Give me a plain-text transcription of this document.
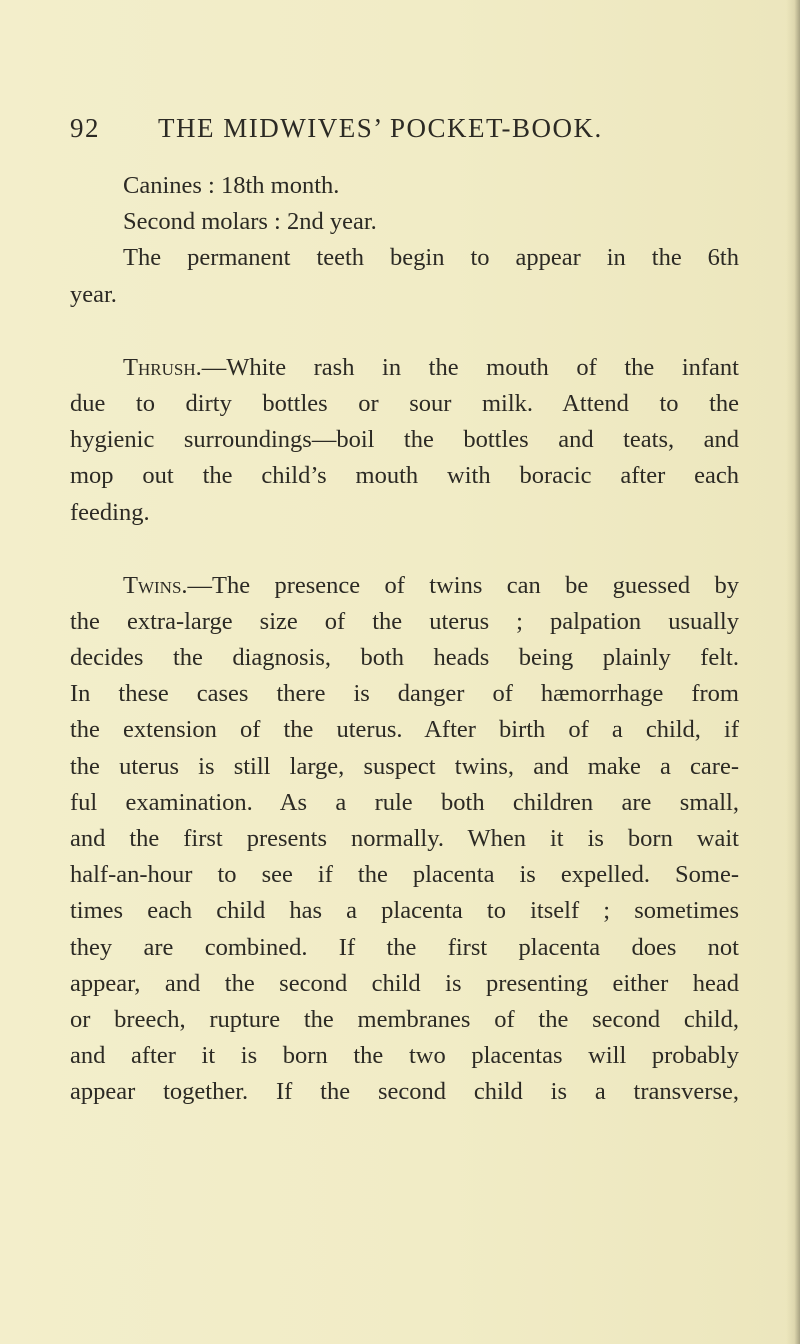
92 THE MIDWIVES’ POCKET-BOOK.
Canines : 18th month.
Second molars : 2nd year.
The permanent teeth begin to appear in the 6th
year.
Thrush.—White rash in the mouth of the infant
due to dirty bottles or sour milk. Attend to the
hygienic surroundings—boil the bottles and teats, and
mop out the child’s mouth with boracic after each
feeding.
Twins.—The presence of twins can be guessed by
the extra-large size of the uterus ; palpation usually
decides the diagnosis, both heads being plainly felt.
In these cases there is danger of hæmorrhage from
the extension of the uterus. After birth of a child, if
the uterus is still large, suspect twins, and make a care-
ful examination. As a rule both children are small,
and the first presents normally. When it is born wait
half-an-hour to see if the placenta is expelled. Some-
times each child has a placenta to itself ; sometimes
they are combined. If the first placenta does not
appear, and the second child is presenting either head
or breech, rupture the membranes of the second child,
and after it is born the two placentas will probably
appear together. If the second child is a transverse,
